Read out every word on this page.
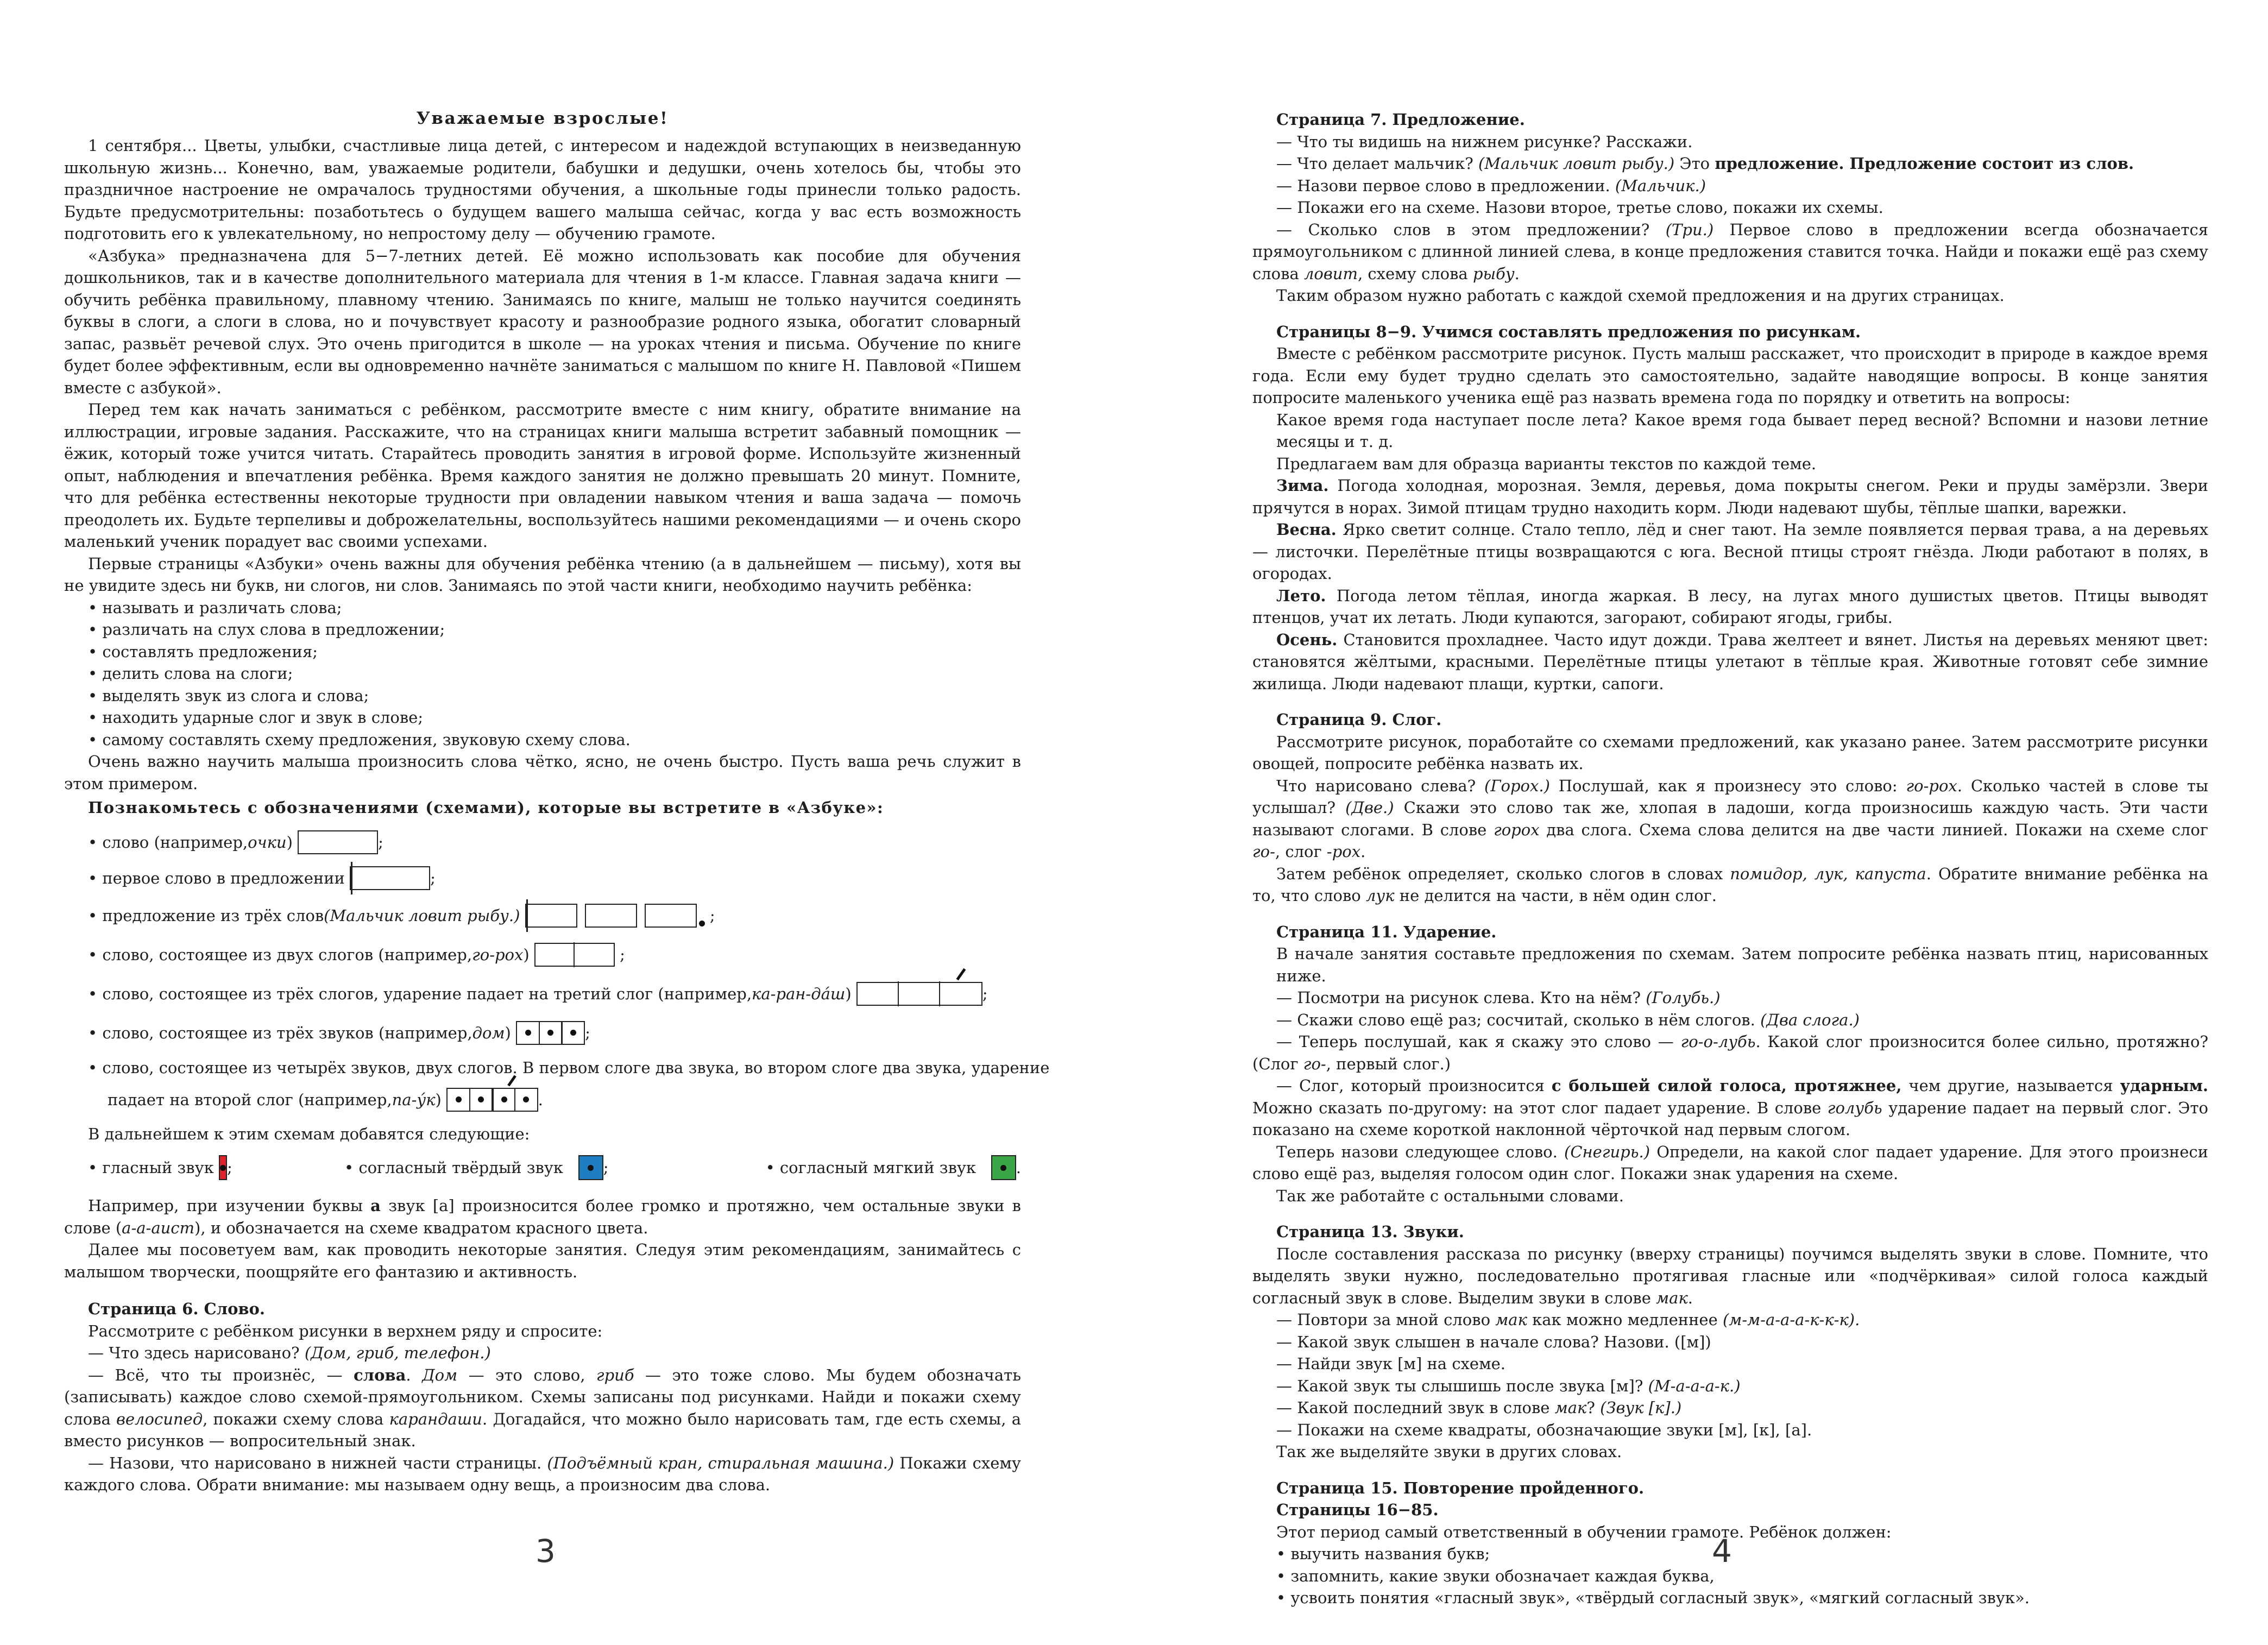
Уважаемые взрослые!

1 сентября... Цветы, улыбки, счастливые лица детей, с интересом и надеждой вступающих в неизведанную школьную жизнь... Конечно, вам, уважаемые родители, бабушки и дедушки, очень хотелось бы, чтобы это праздничное настроение не омрачалось трудностями обучения, а школьные годы принесли только радость. Будьте предусмотрительны: позаботьтесь о будущем вашего малыша сейчас, когда у вас есть возможность подготовить его к увлекательному, но непростому делу — обучению грамоте.

«Азбука» предназначена для 5−7-летних детей. Её можно использовать как пособие для обучения дошкольников, так и в качестве дополнительного материала для чтения в 1-м классе. Главная задача книги — обучить ребёнка правильному, плавному чтению. Занимаясь по книге, малыш не только научится соединять буквы в слоги, а слоги в слова, но и почувствует красоту и разнообразие родного языка, обогатит словарный запас, развьёт речевой слух. Это очень пригодится в школе — на уроках чтения и письма. Обучение по книге будет более эффективным, если вы одновременно начнёте заниматься с малышом по книге Н. Павловой «Пишем вместе с азбукой».

Перед тем как начать заниматься с ребёнком, рассмотрите вместе с ним книгу, обратите внимание на иллюстрации, игровые задания. Расскажите, что на страницах книги малыша встретит забавный помощник — ёжик, который тоже учится читать. Старайтесь проводить занятия в игровой форме. Используйте жизненный опыт, наблюдения и впечатления ребёнка. Время каждого занятия не должно превышать 20 минут. Помните, что для ребёнка естественны некоторые трудности при овладении навыком чтения и ваша задача — помочь преодолеть их. Будьте терпеливы и доброжелательны, воспользуйтесь нашими рекомендациями — и очень скоро маленький ученик порадует вас своими успехами.

Первые страницы «Азбуки» очень важны для обучения ребёнка чтению (а в дальнейшем — письму), хотя вы не увидите здесь ни букв, ни слогов, ни слов. Занимаясь по этой части книги, необходимо научить ребёнка:

• называть и различать слова;

• различать на слух слова в предложении;

• составлять предложения;

• делить слова на слоги;

• выделять звук из слога и слова;

• находить ударные слог и звук в слове;

• самому составлять схему предложения, звуковую схему слова.

Очень важно научить малыша произносить слова чётко, ясно, не очень быстро. Пусть ваша речь служит в этом примером.

Познакомьтесь с обозначениями (схемами), которые вы встретите в «Азбуке»:

• слово (например, очки )	;
• первое слово в предложении
	;
• предложение из трёх слов (Мальчик ловит рыбу.)
	;
• слово, состоящее из двух слогов (например, го-рох )	;
• слово, состоящее из трёх слогов, ударение падает на третий слог (например, ка-ран-да́ш )	;
• слово, состоящее из трёх звуков (например, дом )	;
• слово, состоящее из четырёх звуков, двух слогов. В первом слоге два звука, во втором слоге два звука, ударение
падает на второй слог (например, па-у́к )	.

В дальнейшем к этим схемам добавятся следующие:

• гласный звук
;	• согласный твёрдый звук
	;	• согласный мягкий звук
	.

Например, при изучении буквы а звук [а] произносится более громко и протяжно, чем остальные звуки в слове (а-а-аист), и обозначается на схеме квадратом красного цвета.

Далее мы посоветуем вам, как проводить некоторые занятия. Следуя этим рекомендациям, занимайтесь с малышом творчески, поощряйте его фантазию и активность.

Страница 6. Слово.

Рассмотрите с ребёнком рисунки в верхнем ряду и спросите:

— Что здесь нарисовано? (Дом, гриб, телефон.)

— Всё, что ты произнёс, — слова. Дом — это слово, гриб — это тоже слово. Мы будем обозначать (записывать) каждое слово схемой-прямоугольником. Схемы записаны под рисунками. Найди и покажи схему слова велосипед, покажи схему слова карандаши. Догадайся, что можно было нарисовать там, где есть схемы, а вместо рисунков — вопросительный знак.

— Назови, что нарисовано в нижней части страницы. (Подъёмный кран, стиральная машина.) Покажи схему каждого слова. Обрати внимание: мы называем одну вещь, а произносим два слова.

3

Страница 7. Предложение.

— Что ты видишь на нижнем рисунке? Расскажи.

— Что делает мальчик? (Мальчик ловит рыбу.) Это предложение. Предложение состоит из слов.

— Назови первое слово в предложении. (Мальчик.)

— Покажи его на схеме. Назови второе, третье слово, покажи их схемы.

— Сколько слов в этом предложении? (Три.) Первое слово в предложении всегда обозначается прямоугольником с длинной линией слева, в конце предложения ставится точка. Найди и покажи ещё раз схему слова ловит, схему слова рыбу.

Таким образом нужно работать с каждой схемой предложения и на других страницах.

Страницы 8−9. Учимся составлять предложения по рисункам.

Вместе с ребёнком рассмотрите рисунок. Пусть малыш расскажет, что происходит в природе в каждое время года. Если ему будет трудно сделать это самостоятельно, задайте наводящие вопросы. В конце занятия попросите маленького ученика ещё раз назвать времена года по порядку и ответить на вопросы:

Какое время года наступает после лета? Какое время года бывает перед весной? Вспомни и назови летние месяцы и т. д.

Предлагаем вам для образца варианты текстов по каждой теме.

Зима. Погода холодная, морозная. Земля, деревья, дома покрыты снегом. Реки и пруды замёрзли. Звери прячутся в норах. Зимой птицам трудно находить корм. Люди надевают шубы, тёплые шапки, варежки.

Весна. Ярко светит солнце. Стало тепло, лёд и снег тают. На земле появляется первая трава, а на деревьях — листочки. Перелётные птицы возвращаются с юга. Весной птицы строят гнёзда. Люди работают в полях, в огородах.

Лето. Погода летом тёплая, иногда жаркая. В лесу, на лугах много душистых цветов. Птицы выводят птенцов, учат их летать. Люди купаются, загорают, собирают ягоды, грибы.

Осень. Становится прохладнее. Часто идут дожди. Трава желтеет и вянет. Листья на деревьях меняют цвет: становятся жёлтыми, красными. Перелётные птицы улетают в тёплые края. Животные готовят себе зимние жилища. Люди надевают плащи, куртки, сапоги.

Страница 9. Слог.

Рассмотрите рисунок, поработайте со схемами предложений, как указано ранее. Затем рассмотрите рисунки овощей, попросите ребёнка назвать их.

Что нарисовано слева? (Горох.) Послушай, как я произнесу это слово: го-рох. Сколько частей в слове ты услышал? (Две.) Скажи это слово так же, хлопая в ладоши, когда произносишь каждую часть. Эти части называют слогами. В слове горох два слога. Схема слова делится на две части линией. Покажи на схеме слог го-, слог -рох.

Затем ребёнок определяет, сколько слогов в словах помидор, лук, капуста. Обратите внимание ребёнка на то, что слово лук не делится на части, в нём один слог.

Страница 11. Ударение.

В начале занятия составьте предложения по схемам. Затем попросите ребёнка назвать птиц, нарисованных ниже.

— Посмотри на рисунок слева. Кто на нём? (Голубь.)

— Скажи слово ещё раз; сосчитай, сколько в нём слогов. (Два слога.)

— Теперь послушай, как я скажу это слово — го-о-лубь. Какой слог произносится более сильно, протяжно? (Слог го-, первый слог.)

— Слог, который произносится с большей силой голоса, протяжнее, чем другие, называется ударным. Можно сказать по-другому: на этот слог падает ударение. В слове голубь ударение падает на первый слог. Это показано на схеме короткой наклонной чёрточкой над первым слогом.

Теперь назови следующее слово. (Снегирь.) Определи, на какой слог падает ударение. Для этого произнеси слово ещё раз, выделяя голосом один слог. Покажи знак ударения на схеме.

Так же работайте с остальными словами.

Страница 13. Звуки.

После составления рассказа по рисунку (вверху страницы) поучимся выделять звуки в слове. Помните, что выделять звуки нужно, последовательно протягивая гласные или «подчёркивая» силой голоса каждый согласный звук в слове. Выделим звуки в слове мак.

— Повтори за мной слово мак как можно медленнее (м-м-а-а-а-к-к-к).

— Какой звук слышен в начале слова? Назови. ([м])

— Найди звук [м] на схеме.

— Какой звук ты слышишь после звука [м]? (М-а-а-а-к.)

— Какой последний звук в слове мак? (Звук [к].)

— Покажи на схеме квадраты, обозначающие звуки [м], [к], [а].

Так же выделяйте звуки в других словах.

Страница 15. Повторение пройденного.

Страницы 16−85.

Этот период самый ответственный в обучении грамоте. Ребёнок должен:

• выучить названия букв;

• запомнить, какие звуки обозначает каждая буква,

• усвоить понятия «гласный звук», «твёрдый согласный звук», «мягкий согласный звук».

4
